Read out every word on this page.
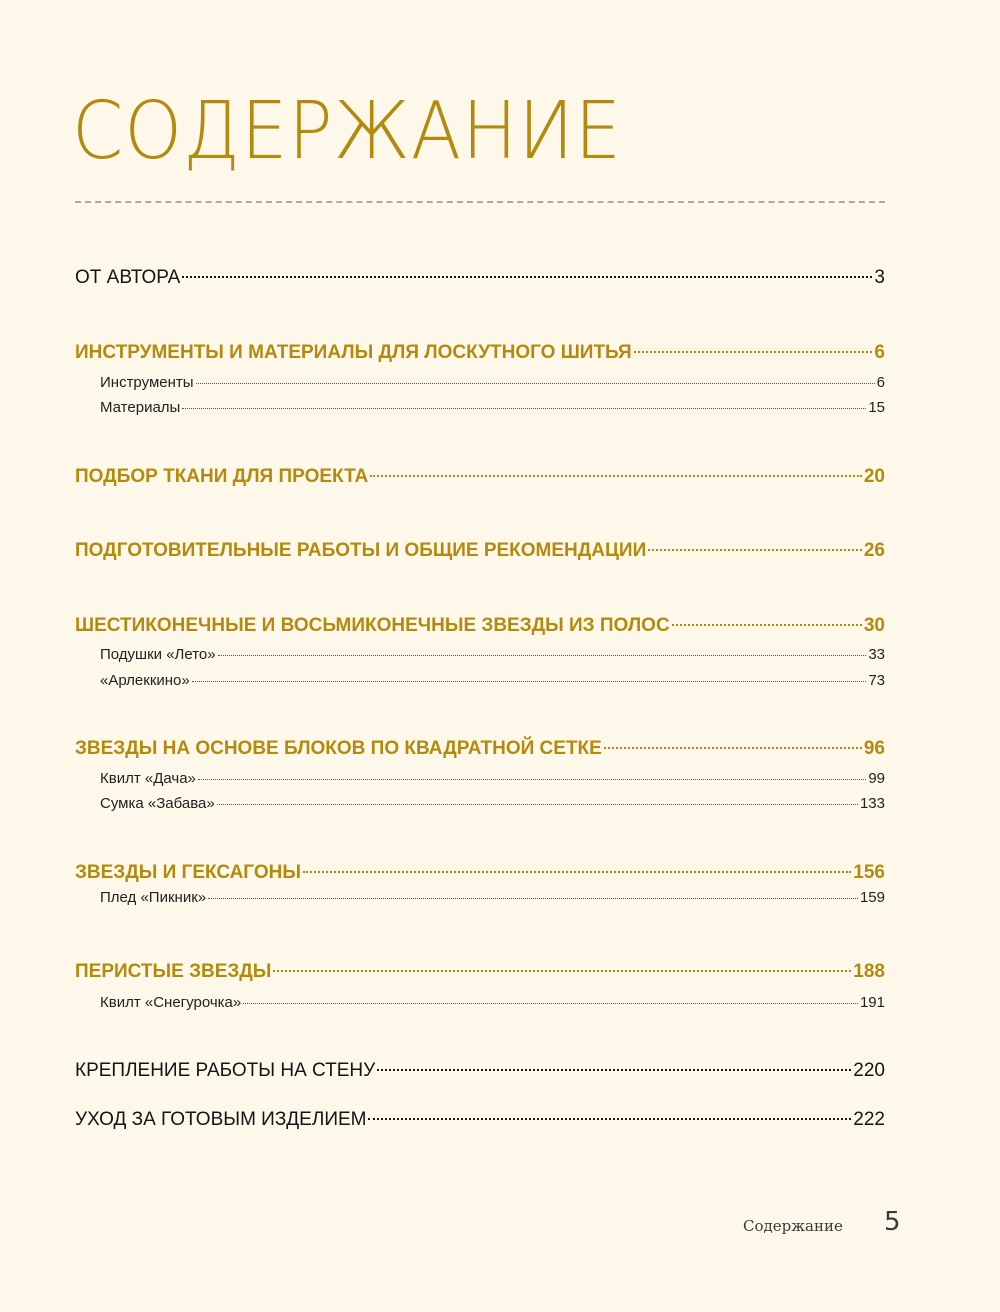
СОДЕРЖАНИЕ
ОТ АВТОРА	3
ИНСТРУМЕНТЫ И МАТЕРИАЛЫ ДЛЯ ЛОСКУТНОГО ШИТЬЯ	6
Инструменты	6
Материалы	15
ПОДБОР ТКАНИ ДЛЯ ПРОЕКТА	20
ПОДГОТОВИТЕЛЬНЫЕ РАБОТЫ И ОБЩИЕ РЕКОМЕНДАЦИИ	26
ШЕСТИКОНЕЧНЫЕ И ВОСЬМИКОНЕЧНЫЕ ЗВЕЗДЫ ИЗ ПОЛОС	30
Подушки «Лето»	33
«Арлеккино»	73
ЗВЕЗДЫ НА ОСНОВЕ БЛОКОВ ПО КВАДРАТНОЙ СЕТКЕ	96
Квилт «Дача»	99
Сумка «Забава»	133
ЗВЕЗДЫ И ГЕКСАГОНЫ	156
Плед «Пикник»	159
ПЕРИСТЫЕ ЗВЕЗДЫ	188
Квилт «Снегурочка»	191
КРЕПЛЕНИЕ РАБОТЫ НА СТЕНУ	220
УХОД ЗА ГОТОВЫМ ИЗДЕЛИЕМ	222
Содержание 5
